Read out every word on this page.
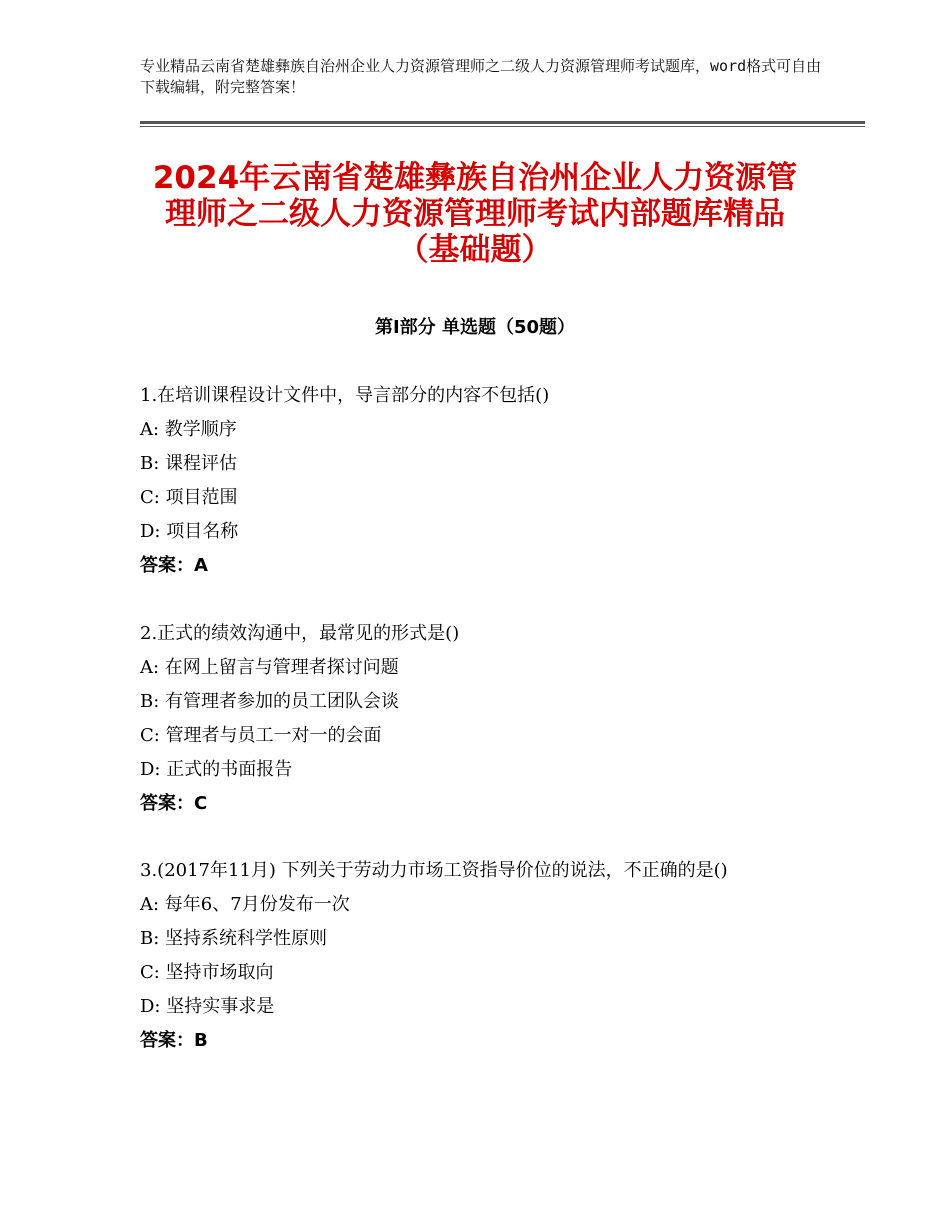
专业精品云南省楚雄彝族自治州企业人力资源管理师之二级人力资源管理师考试题库，word格式可自由下载编辑，附完整答案！
2024年云南省楚雄彝族自治州企业人力资源管理师之二级人力资源管理师考试内部题库精品（基础题）
第Ⅰ部分 单选题（50题）
1.在培训课程设计文件中，导言部分的内容不包括()
A: 教学顺序
B: 课程评估
C: 项目范围
D: 项目名称
答案：A
2.正式的绩效沟通中，最常见的形式是()
A: 在网上留言与管理者探讨问题
B: 有管理者参加的员工团队会谈
C: 管理者与员工一对一的会面
D: 正式的书面报告
答案：C
3.(2017年11月) 下列关于劳动力市场工资指导价位的说法，不正确的是()
A: 每年6、7月份发布一次
B: 坚持系统科学性原则
C: 坚持市场取向
D: 坚持实事求是
答案：B
